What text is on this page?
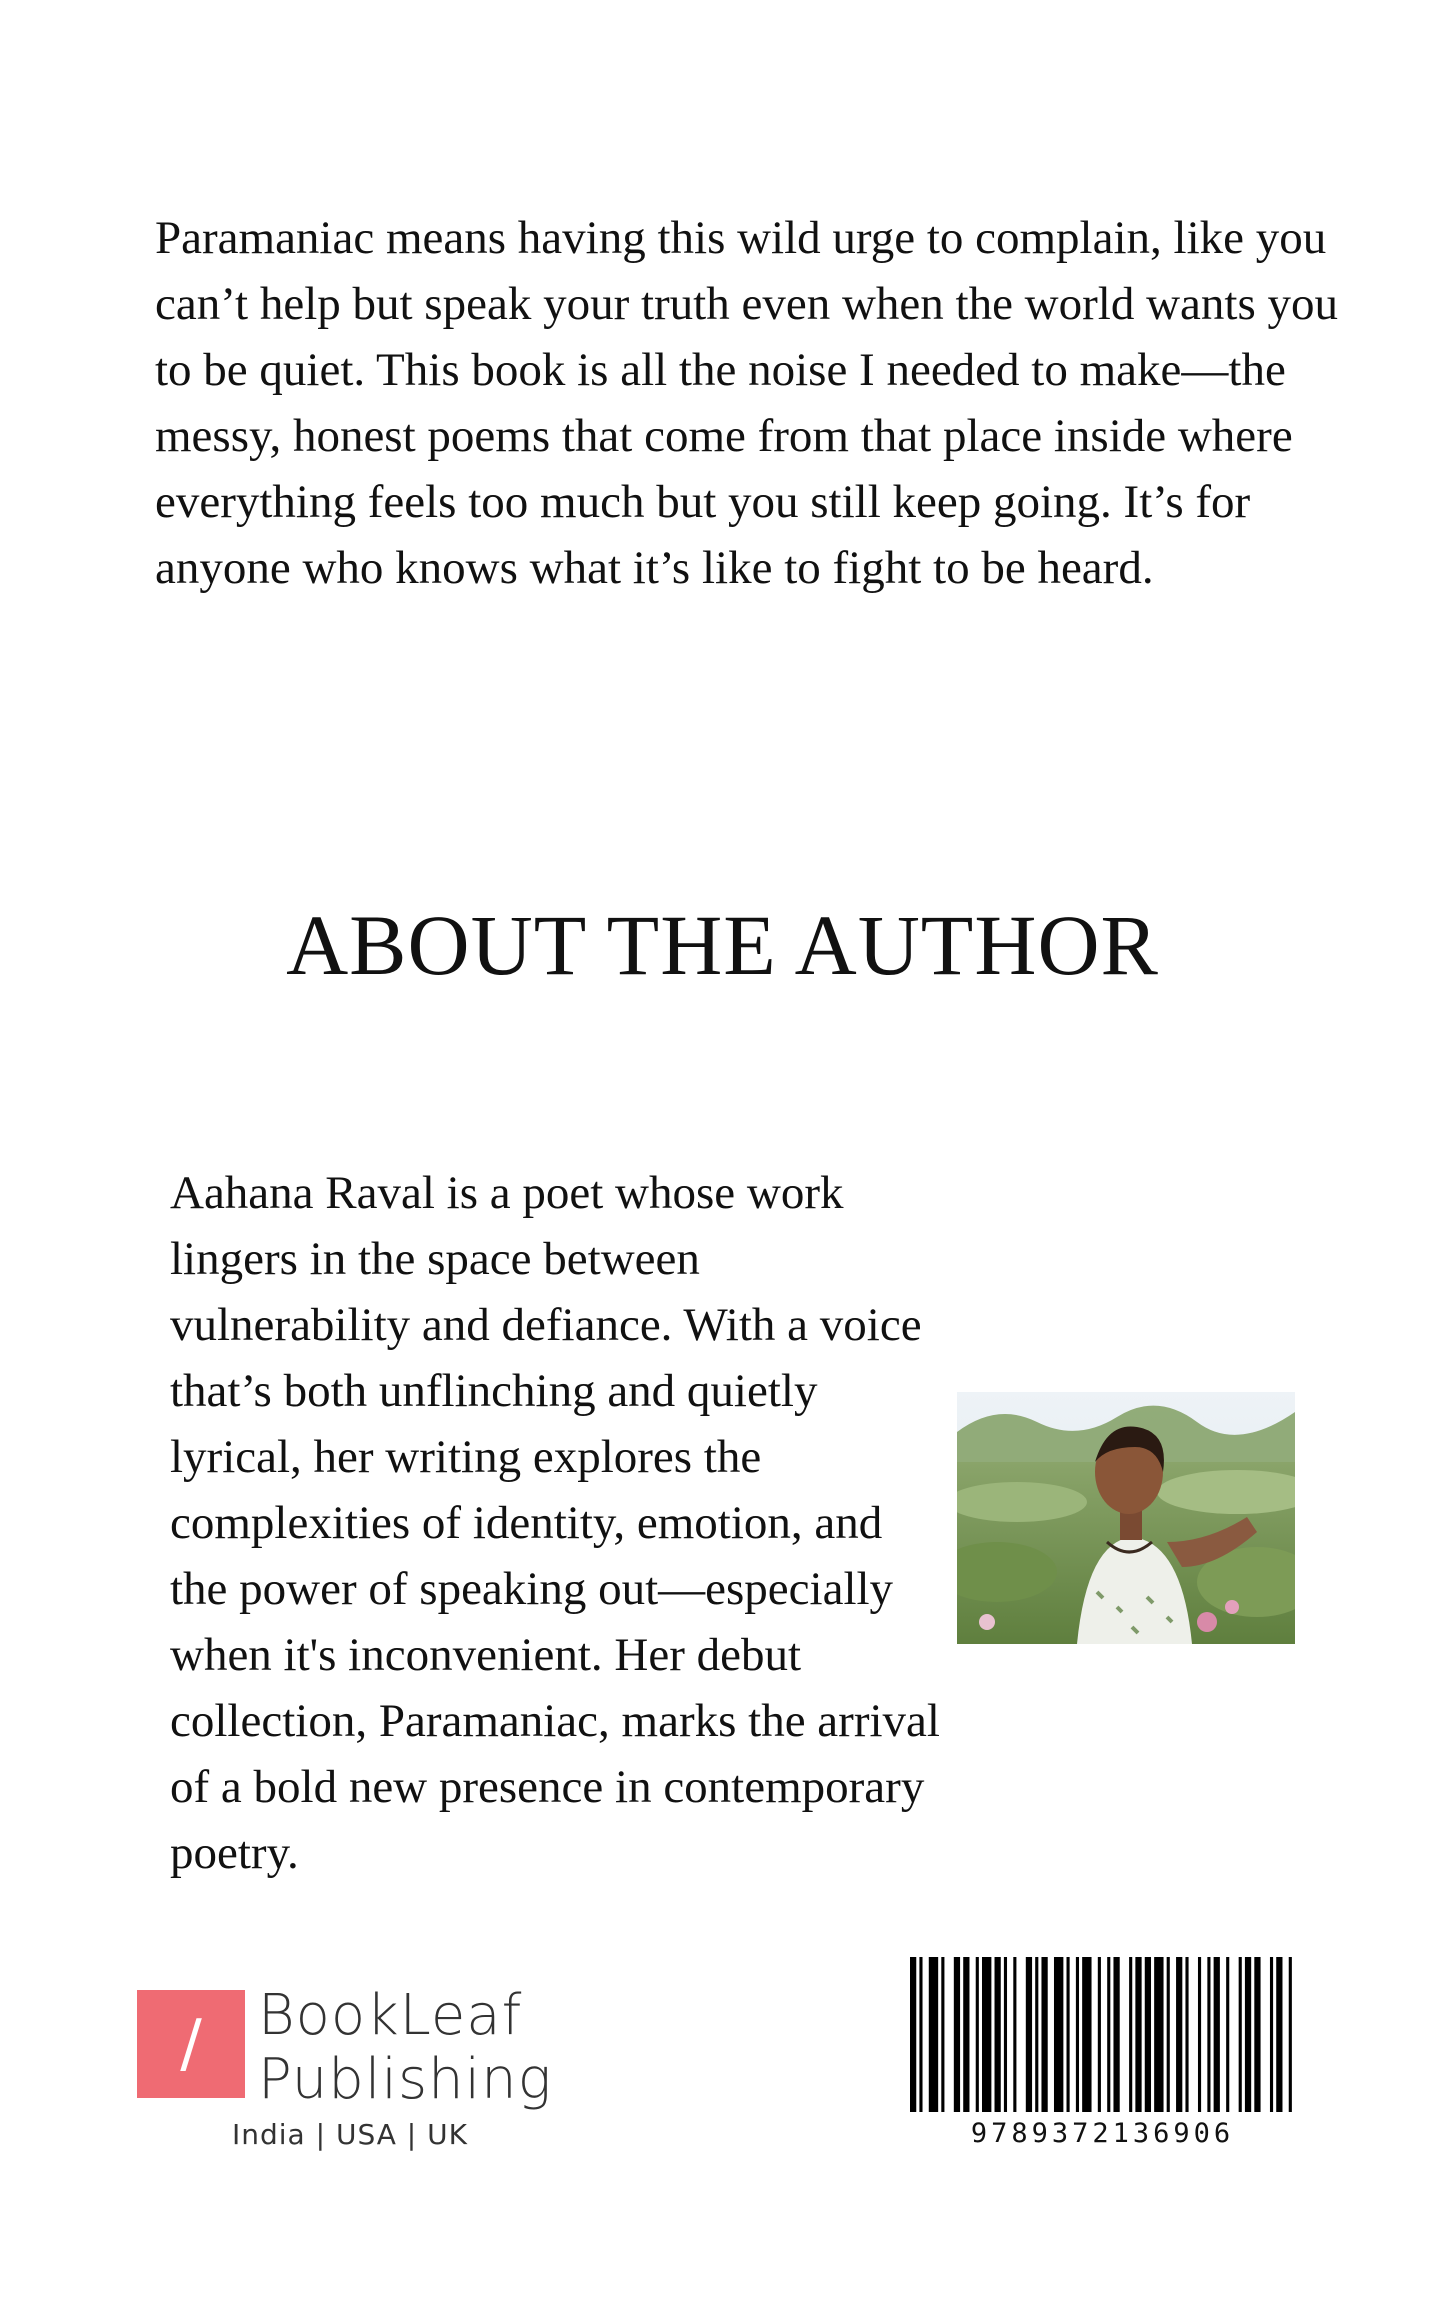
Paramaniac means having this wild urge to complain, like you can’t help but speak your truth even when the world wants you to be quiet. This book is all the noise I needed to make—the messy, honest poems that come from that place inside where everything feels too much but you still keep going. It’s for anyone who knows what it’s like to fight to be heard.

ABOUT THE AUTHOR

Aahana Raval is a poet whose work lingers in the space between vulnerability and defiance. With a voice that’s both unflinching and quietly lyrical, her writing explores the complexities of identity, emotion, and the power of speaking out—especially when it's inconvenient. Her debut collection, Paramaniac, marks the arrival of a bold new presence in contemporary poetry.

/	BookLeaf
Publishing
India | USA | UK	9789372136906
